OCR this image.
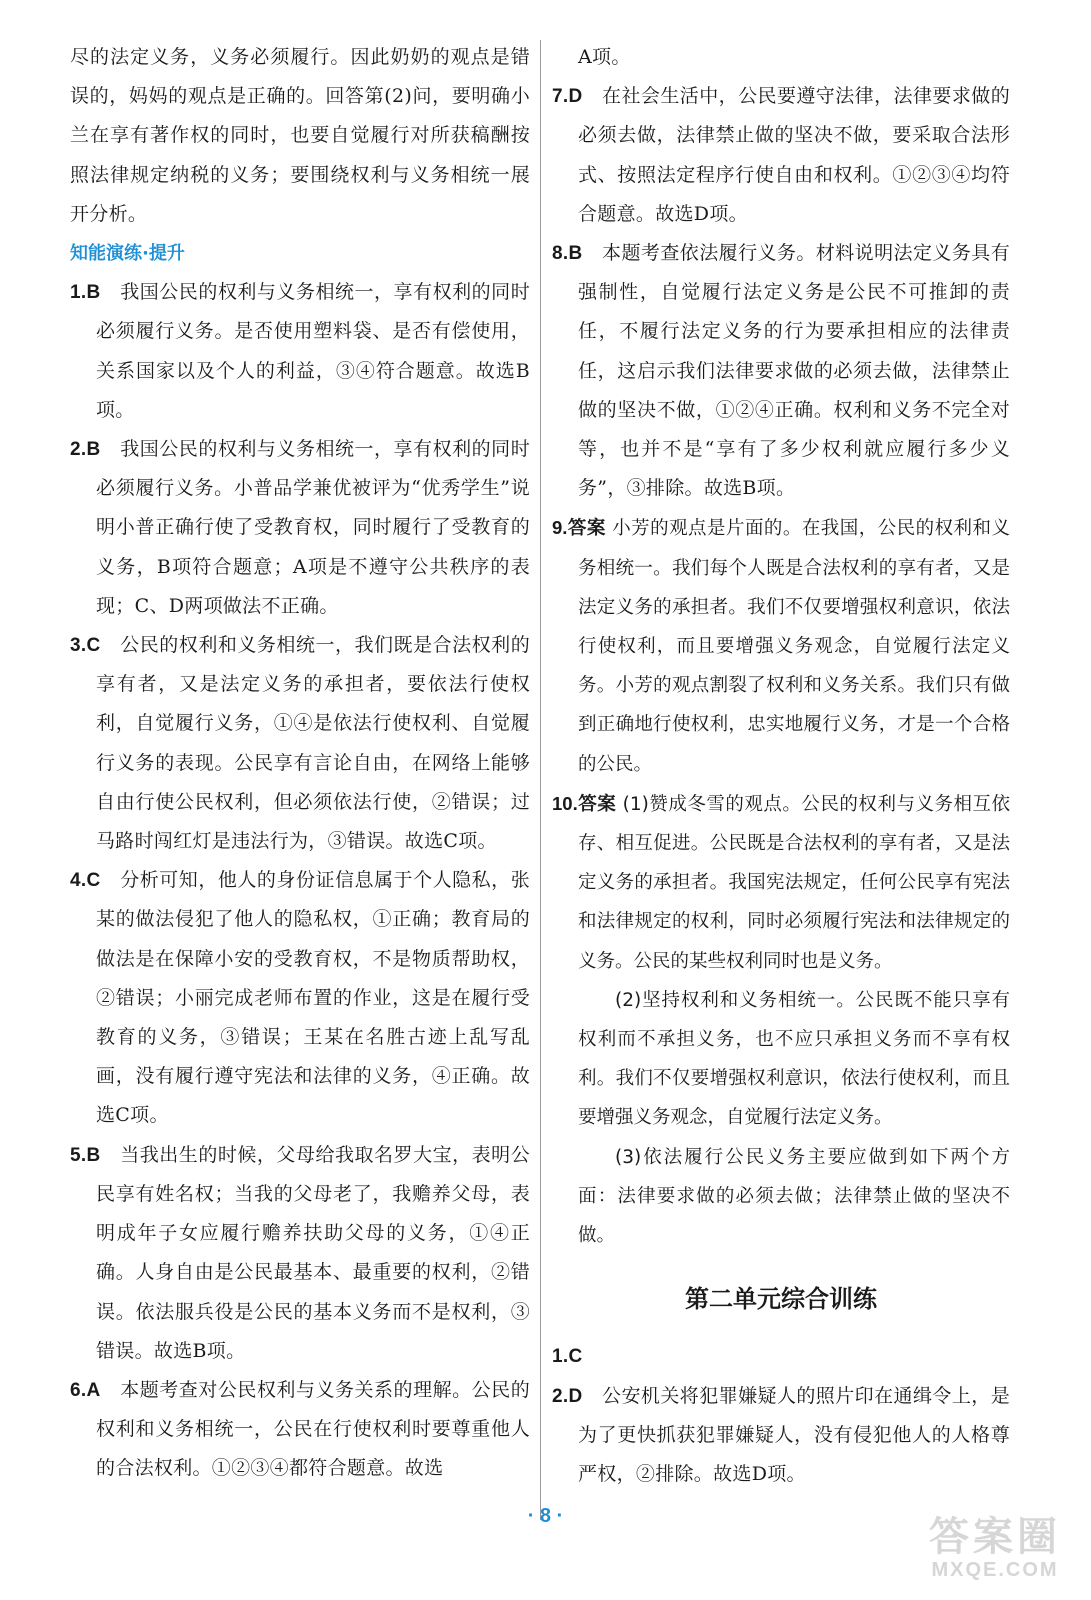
尽的法定义务，义务必须履行。因此奶奶的观点是错误的，妈妈的观点是正确的。回答第(2)问，要明确小兰在享有著作权的同时，也要自觉履行对所获稿酬按照法律规定纳税的义务；要围绕权利与义务相统一展开分析。

知能演练·提升
1.B　我国公民的权利与义务相统一，享有权利的同时必须履行义务。是否使用塑料袋、是否有偿使用，关系国家以及个人的利益，③④符合题意。故选B项。
2.B　我国公民的权利与义务相统一，享有权利的同时必须履行义务。小普品学兼优被评为“优秀学生”说明小普正确行使了受教育权，同时履行了受教育的义务，B项符合题意；A项是不遵守公共秩序的表现；C、D两项做法不正确。
3.C　公民的权利和义务相统一，我们既是合法权利的享有者，又是法定义务的承担者，要依法行使权利，自觉履行义务，①④是依法行使权利、自觉履行义务的表现。公民享有言论自由，在网络上能够自由行使公民权利，但必须依法行使，②错误；过马路时闯红灯是违法行为，③错误。故选C项。
4.C　分析可知，他人的身份证信息属于个人隐私，张某的做法侵犯了他人的隐私权，①正确；教育局的做法是在保障小安的受教育权，不是物质帮助权，②错误；小丽完成老师布置的作业，这是在履行受教育的义务，③错误；王某在名胜古迹上乱写乱画，没有履行遵守宪法和法律的义务，④正确。故选C项。
5.B　当我出生的时候，父母给我取名罗大宝，表明公民享有姓名权；当我的父母老了，我赡养父母，表明成年子女应履行赡养扶助父母的义务，①④正确。人身自由是公民最基本、最重要的权利，②错误。依法服兵役是公民的基本义务而不是权利，③错误。故选B项。
6.A　本题考查对公民权利与义务关系的理解。公民的权利和义务相统一，公民在行使权利时要尊重他人的合法权利。①②③④都符合题意。故选

A项。

7.D　在社会生活中，公民要遵守法律，法律要求做的必须去做，法律禁止做的坚决不做，要采取合法形式、按照法定程序行使自由和权利。①②③④均符合题意。故选D项。
8.B　本题考查依法履行义务。材料说明法定义务具有强制性，自觉履行法定义务是公民不可推卸的责任，不履行法定义务的行为要承担相应的法律责任，这启示我们法律要求做的必须去做，法律禁止做的坚决不做，①②④正确。权利和义务不完全对等，也并不是“享有了多少权利就应履行多少义务”，③排除。故选B项。
9.答案 小芳的观点是片面的。在我国，公民的权利和义务相统一。我们每个人既是合法权利的享有者，又是法定义务的承担者。我们不仅要增强权利意识，依法行使权利，而且要增强义务观念，自觉履行法定义务。小芳的观点割裂了权利和义务关系。我们只有做到正确地行使权利，忠实地履行义务，才是一个合格的公民。
10.答案 (1)赞成冬雪的观点。公民的权利与义务相互依存、相互促进。公民既是合法权利的享有者，又是法定义务的承担者。我国宪法规定，任何公民享有宪法和法律规定的权利，同时必须履行宪法和法律规定的义务。公民的某些权利同时也是义务。

(2)坚持权利和义务相统一。公民既不能只享有权利而不承担义务，也不应只承担义务而不享有权利。我们不仅要增强权利意识，依法行使权利，而且要增强义务观念，自觉履行法定义务。

(3)依法履行公民义务主要应做到如下两个方面：法律要求做的必须去做；法律禁止做的坚决不做。

第二单元综合训练
1.C
2.D　公安机关将犯罪嫌疑人的照片印在通缉令上，是为了更快抓获犯罪嫌疑人，没有侵犯他人的人格尊严权，②排除。故选D项。
· 8 ·	答案圈
MXQE.COM
